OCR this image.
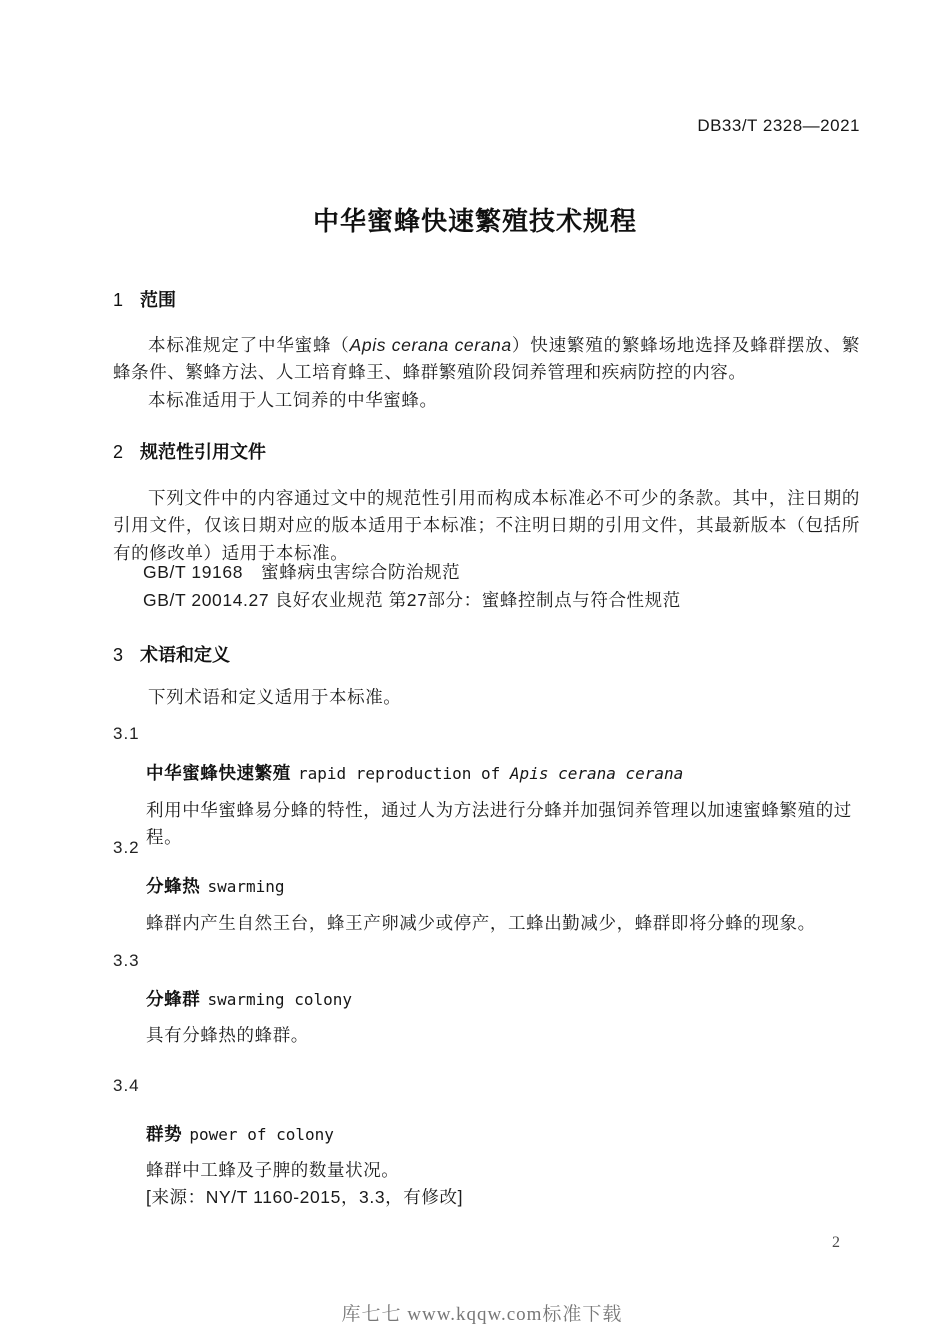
DB33/T 2328—2021
中华蜜蜂快速繁殖技术规程
1 范围

本标准规定了中华蜜蜂（Apis cerana cerana）快速繁殖的繁蜂场地选择及蜂群摆放、繁蜂条件、繁蜂方法、人工培育蜂王、蜂群繁殖阶段饲养管理和疾病防控的内容。

本标准适用于人工饲养的中华蜜蜂。

2 规范性引用文件

下列文件中的内容通过文中的规范性引用而构成本标准必不可少的条款。其中，注日期的引用文件，仅该日期对应的版本适用于本标准；不注明日期的引用文件，其最新版本（包括所有的修改单）适用于本标准。

GB/T 19168　蜜蜂病虫害综合防治规范
GB/T 20014.27 良好农业规范 第27部分：蜜蜂控制点与符合性规范
3 术语和定义

下列术语和定义适用于本标准。

3.1
中华蜜蜂快速繁殖 rapid reproduction of Apis cerana cerana
利用中华蜜蜂易分蜂的特性，通过人为方法进行分蜂并加强饲养管理以加速蜜蜂繁殖的过程。
3.2
分蜂热 swarming
蜂群内产生自然王台，蜂王产卵减少或停产，工蜂出勤减少，蜂群即将分蜂的现象。
3.3
分蜂群 swarming colony
具有分蜂热的蜂群。
3.4
群势 power of colony
蜂群中工蜂及子脾的数量状况。
[来源：NY/T 1160-2015，3.3，有修改]
2
库七七 www.kqqw.com标准下载
